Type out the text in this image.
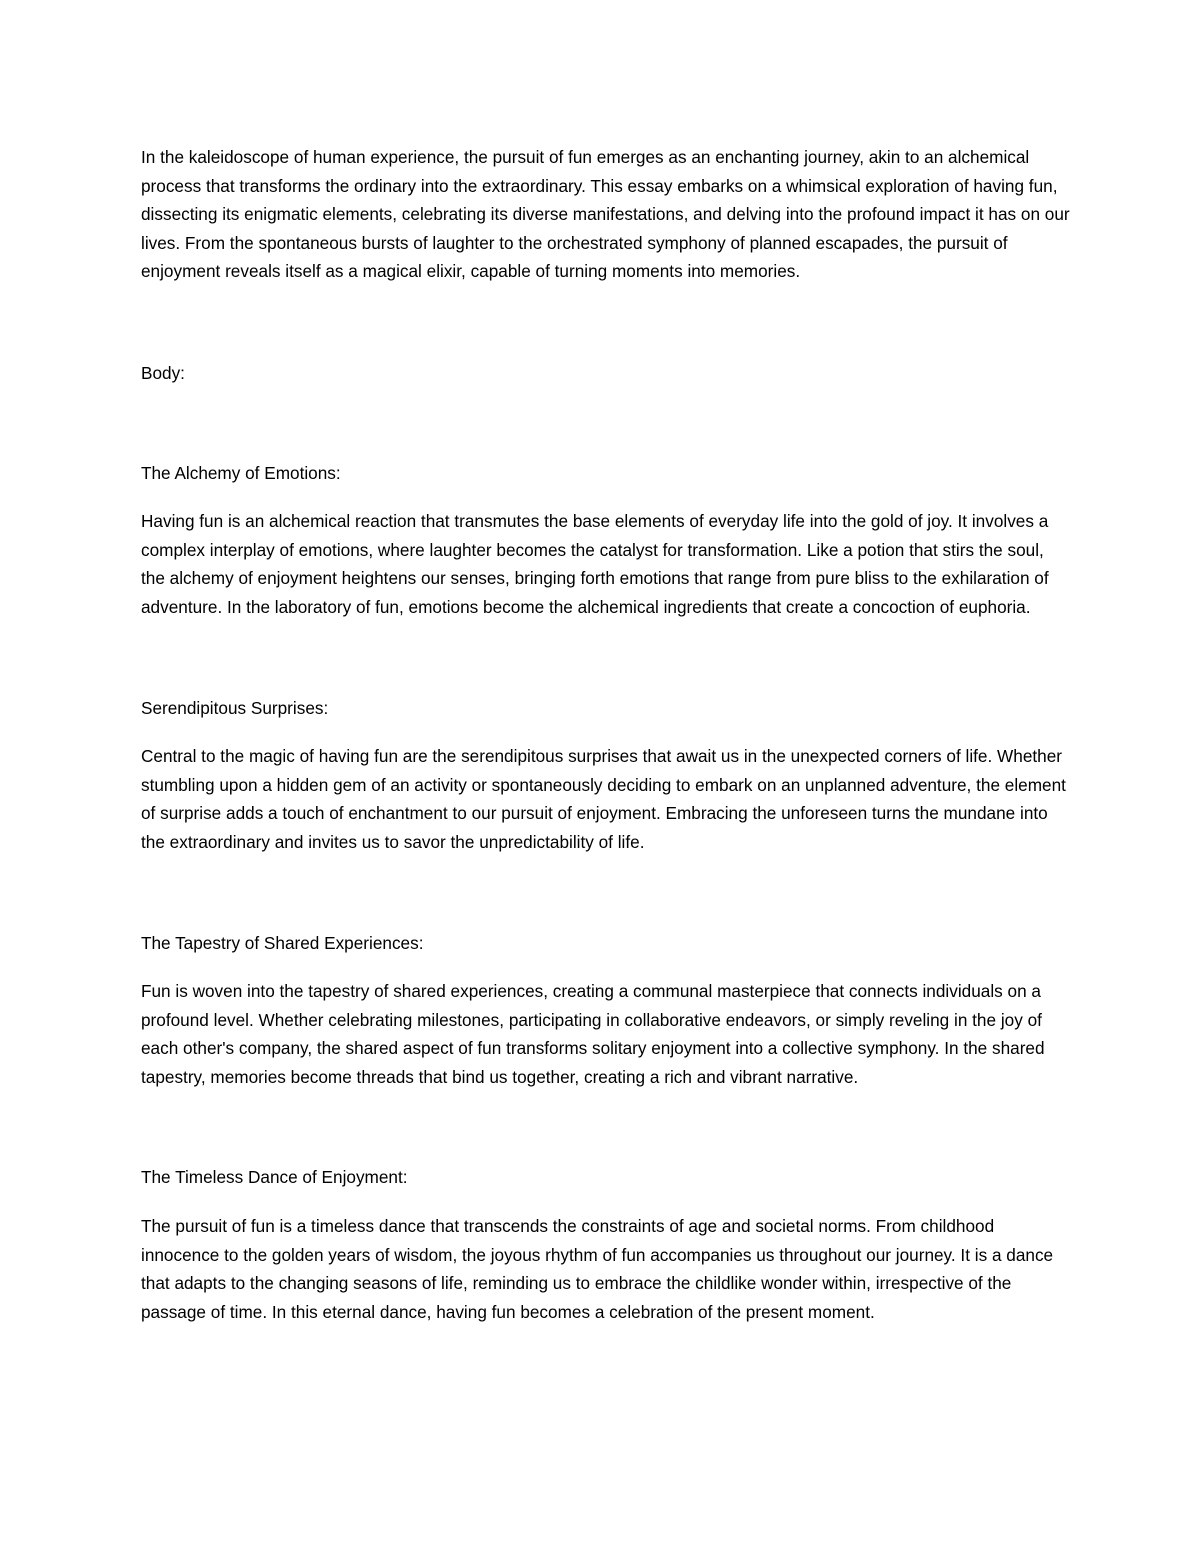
In the kaleidoscope of human experience, the pursuit of fun emerges as an enchanting journey, akin to an alchemical process that transforms the ordinary into the extraordinary. This essay embarks on a whimsical exploration of having fun, dissecting its enigmatic elements, celebrating its diverse manifestations, and delving into the profound impact it has on our lives. From the spontaneous bursts of laughter to the orchestrated symphony of planned escapades, the pursuit of enjoyment reveals itself as a magical elixir, capable of turning moments into memories.

Body:

The Alchemy of Emotions:

Having fun is an alchemical reaction that transmutes the base elements of everyday life into the gold of joy. It involves a complex interplay of emotions, where laughter becomes the catalyst for transformation. Like a potion that stirs the soul, the alchemy of enjoyment heightens our senses, bringing forth emotions that range from pure bliss to the exhilaration of adventure. In the laboratory of fun, emotions become the alchemical ingredients that create a concoction of euphoria.

Serendipitous Surprises:

Central to the magic of having fun are the serendipitous surprises that await us in the unexpected corners of life. Whether stumbling upon a hidden gem of an activity or spontaneously deciding to embark on an unplanned adventure, the element of surprise adds a touch of enchantment to our pursuit of enjoyment. Embracing the unforeseen turns the mundane into the extraordinary and invites us to savor the unpredictability of life.

The Tapestry of Shared Experiences:

Fun is woven into the tapestry of shared experiences, creating a communal masterpiece that connects individuals on a profound level. Whether celebrating milestones, participating in collaborative endeavors, or simply reveling in the joy of each other's company, the shared aspect of fun transforms solitary enjoyment into a collective symphony. In the shared tapestry, memories become threads that bind us together, creating a rich and vibrant narrative.

The Timeless Dance of Enjoyment:

The pursuit of fun is a timeless dance that transcends the constraints of age and societal norms. From childhood innocence to the golden years of wisdom, the joyous rhythm of fun accompanies us throughout our journey. It is a dance that adapts to the changing seasons of life, reminding us to embrace the childlike wonder within, irrespective of the passage of time. In this eternal dance, having fun becomes a celebration of the present moment.
